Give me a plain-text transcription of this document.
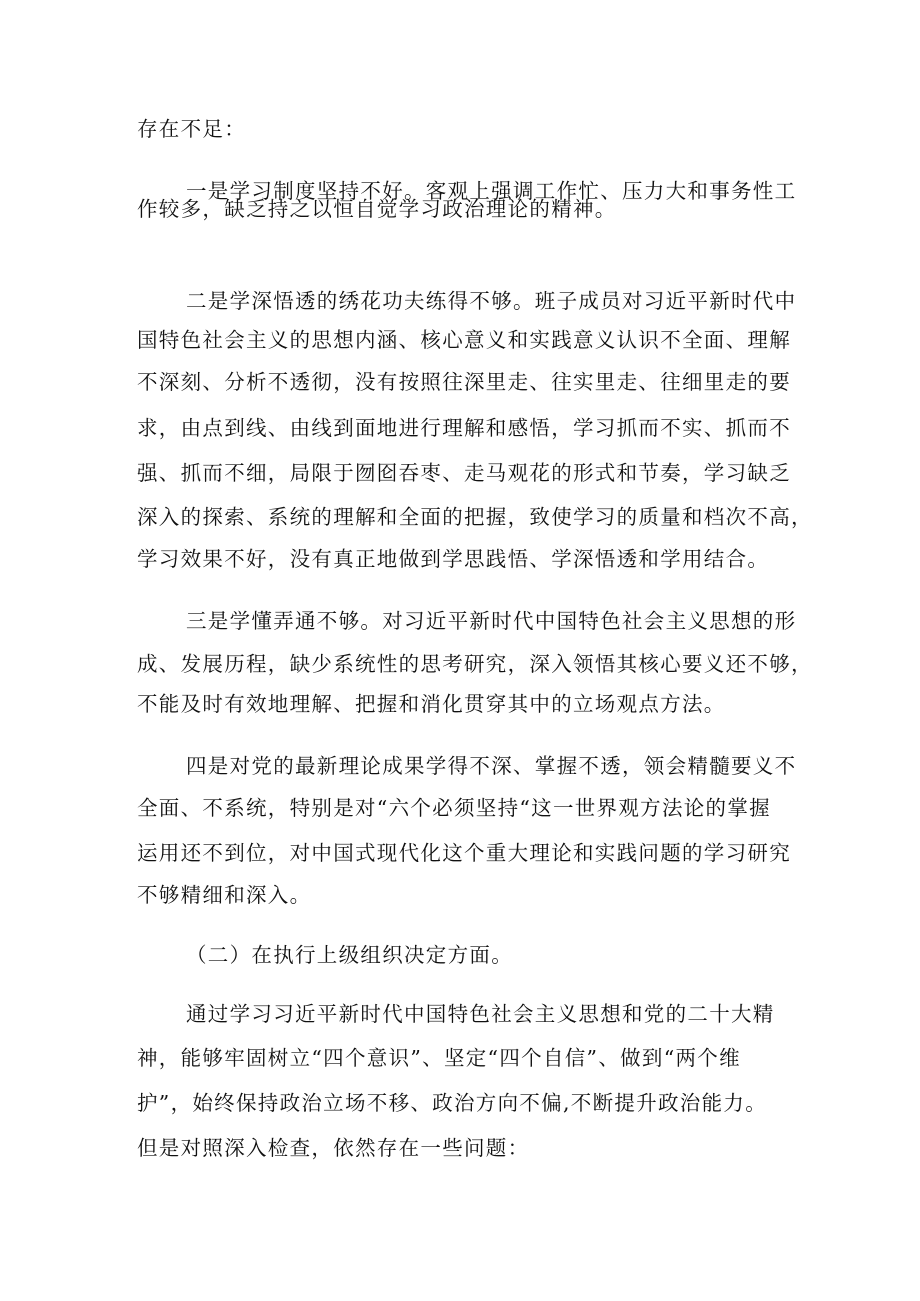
存在不足：
一是学习制度坚持不好。客观上强调工作忙、压力大和事务性工
作较多，缺乏持之以恒自觉学习政治理论的精神。
二是学深悟透的绣花功夫练得不够。班子成员对习近平新时代中
国特色社会主义的思想内涵、核心意义和实践意义认识不全面、理解
不深刻、分析不透彻，没有按照往深里走、往实里走、往细里走的要
求，由点到线、由线到面地进行理解和感悟，学习抓而不实、抓而不
强、抓而不细，局限于囫囵吞枣、走马观花的形式和节奏，学习缺乏
深入的探索、系统的理解和全面的把握，致使学习的质量和档次不高，
学习效果不好，没有真正地做到学思践悟、学深悟透和学用结合。
三是学懂弄通不够。对习近平新时代中国特色社会主义思想的形
成、发展历程，缺少系统性的思考研究，深入领悟其核心要义还不够，
不能及时有效地理解、把握和消化贯穿其中的立场观点方法。
四是对党的最新理论成果学得不深、掌握不透，领会精髓要义不
全面、不系统，特别是对“六个必须坚持“这一世界观方法论的掌握
运用还不到位，对中国式现代化这个重大理论和实践问题的学习研究
不够精细和深入。
（二）在执行上级组织决定方面。
通过学习习近平新时代中国特色社会主义思想和党的二十大精
神，能够牢固树立“四个意识”、坚定“四个自信”、做到“两个维
护”，始终保持政治立场不移、政治方向不偏,不断提升政治能力。
但是对照深入检查，依然存在一些问题：
